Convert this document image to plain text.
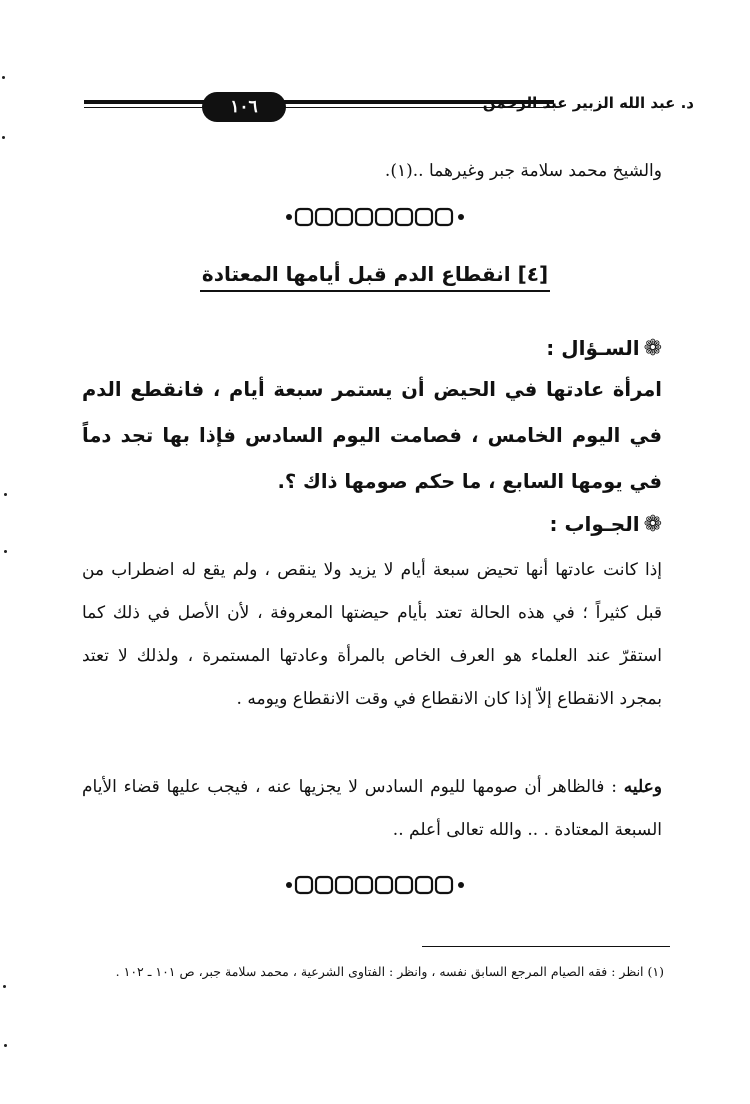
١٠٦	د. عبد الله الزبير عبد الرحمن
والشيخ محمد سلامة جبر وغيرهما ..(١).
[٤] انقطاع الدم قبل أيامها المعتادة
❁السـؤال :
امرأة عادتها في الحيض أن يستمر سبعة أيام ، فانقطع الدم في اليوم الخامس ، فصامت اليوم السادس فإذا بها تجد دماً في يومها السابع ، ما حكم صومها ذاك ؟.
❁الجـواب :
إذا كانت عادتها أنها تحيض سبعة أيام لا يزيد ولا ينقص ، ولم يقع له اضطراب من قبل كثيراً ؛ في هذه الحالة تعتد بأيام حيضتها المعروفة ، لأن الأصل في ذلك كما استقرّ عند العلماء هو العرف الخاص بالمرأة وعادتها المستمرة ، ولذلك لا تعتد بمجرد الانقطاع إلاّ إذا كان الانقطاع في وقت الانقطاع ويومه .
وعليه : فالظاهر أن صومها لليوم السادس لا يجزيها عنه ، فيجب عليها قضاء الأيام السبعة المعتادة . .. والله تعالى أعلم ..
(١) انظر : فقه الصيام المرجع السابق نفسه ، وانظر : الفتاوى الشرعية ، محمد سلامة جبر، ص ١٠١ ـ ١٠٢ .
